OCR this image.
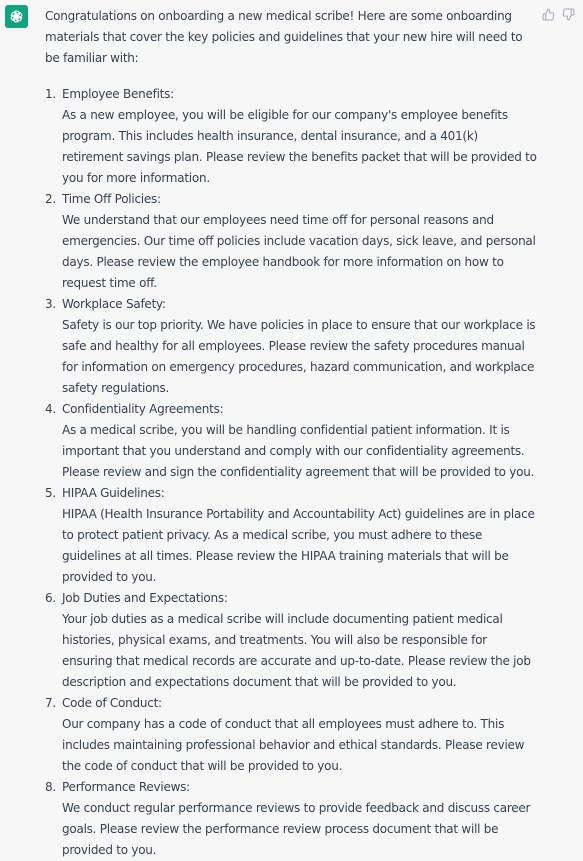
Congratulations on onboarding a new medical scribe! Here are some onboarding materials that cover the key policies and guidelines that your new hire will need to be familiar with:

1. Employee Benefits:
As a new employee, you will be eligible for our company's employee benefits program. This includes health insurance, dental insurance, and a 401(k) retirement savings plan. Please review the benefits packet that will be provided to you for more information.
2. Time Off Policies:
We understand that our employees need time off for personal reasons and emergencies. Our time off policies include vacation days, sick leave, and personal days. Please review the employee handbook for more information on how to request time off.
3. Workplace Safety:
Safety is our top priority. We have policies in place to ensure that our workplace is safe and healthy for all employees. Please review the safety procedures manual for information on emergency procedures, hazard communication, and workplace safety regulations.
4. Confidentiality Agreements:
As a medical scribe, you will be handling confidential patient information. It is important that you understand and comply with our confidentiality agreements. Please review and sign the confidentiality agreement that will be provided to you.
5. HIPAA Guidelines:
HIPAA (Health Insurance Portability and Accountability Act) guidelines are in place to protect patient privacy. As a medical scribe, you must adhere to these guidelines at all times. Please review the HIPAA training materials that will be provided to you.
6. Job Duties and Expectations:
Your job duties as a medical scribe will include documenting patient medical histories, physical exams, and treatments. You will also be responsible for ensuring that medical records are accurate and up-to-date. Please review the job description and expectations document that will be provided to you.
7. Code of Conduct:
Our company has a code of conduct that all employees must adhere to. This includes maintaining professional behavior and ethical standards. Please review the code of conduct that will be provided to you.
8. Performance Reviews:
We conduct regular performance reviews to provide feedback and discuss career goals. Please review the performance review process document that will be provided to you.
